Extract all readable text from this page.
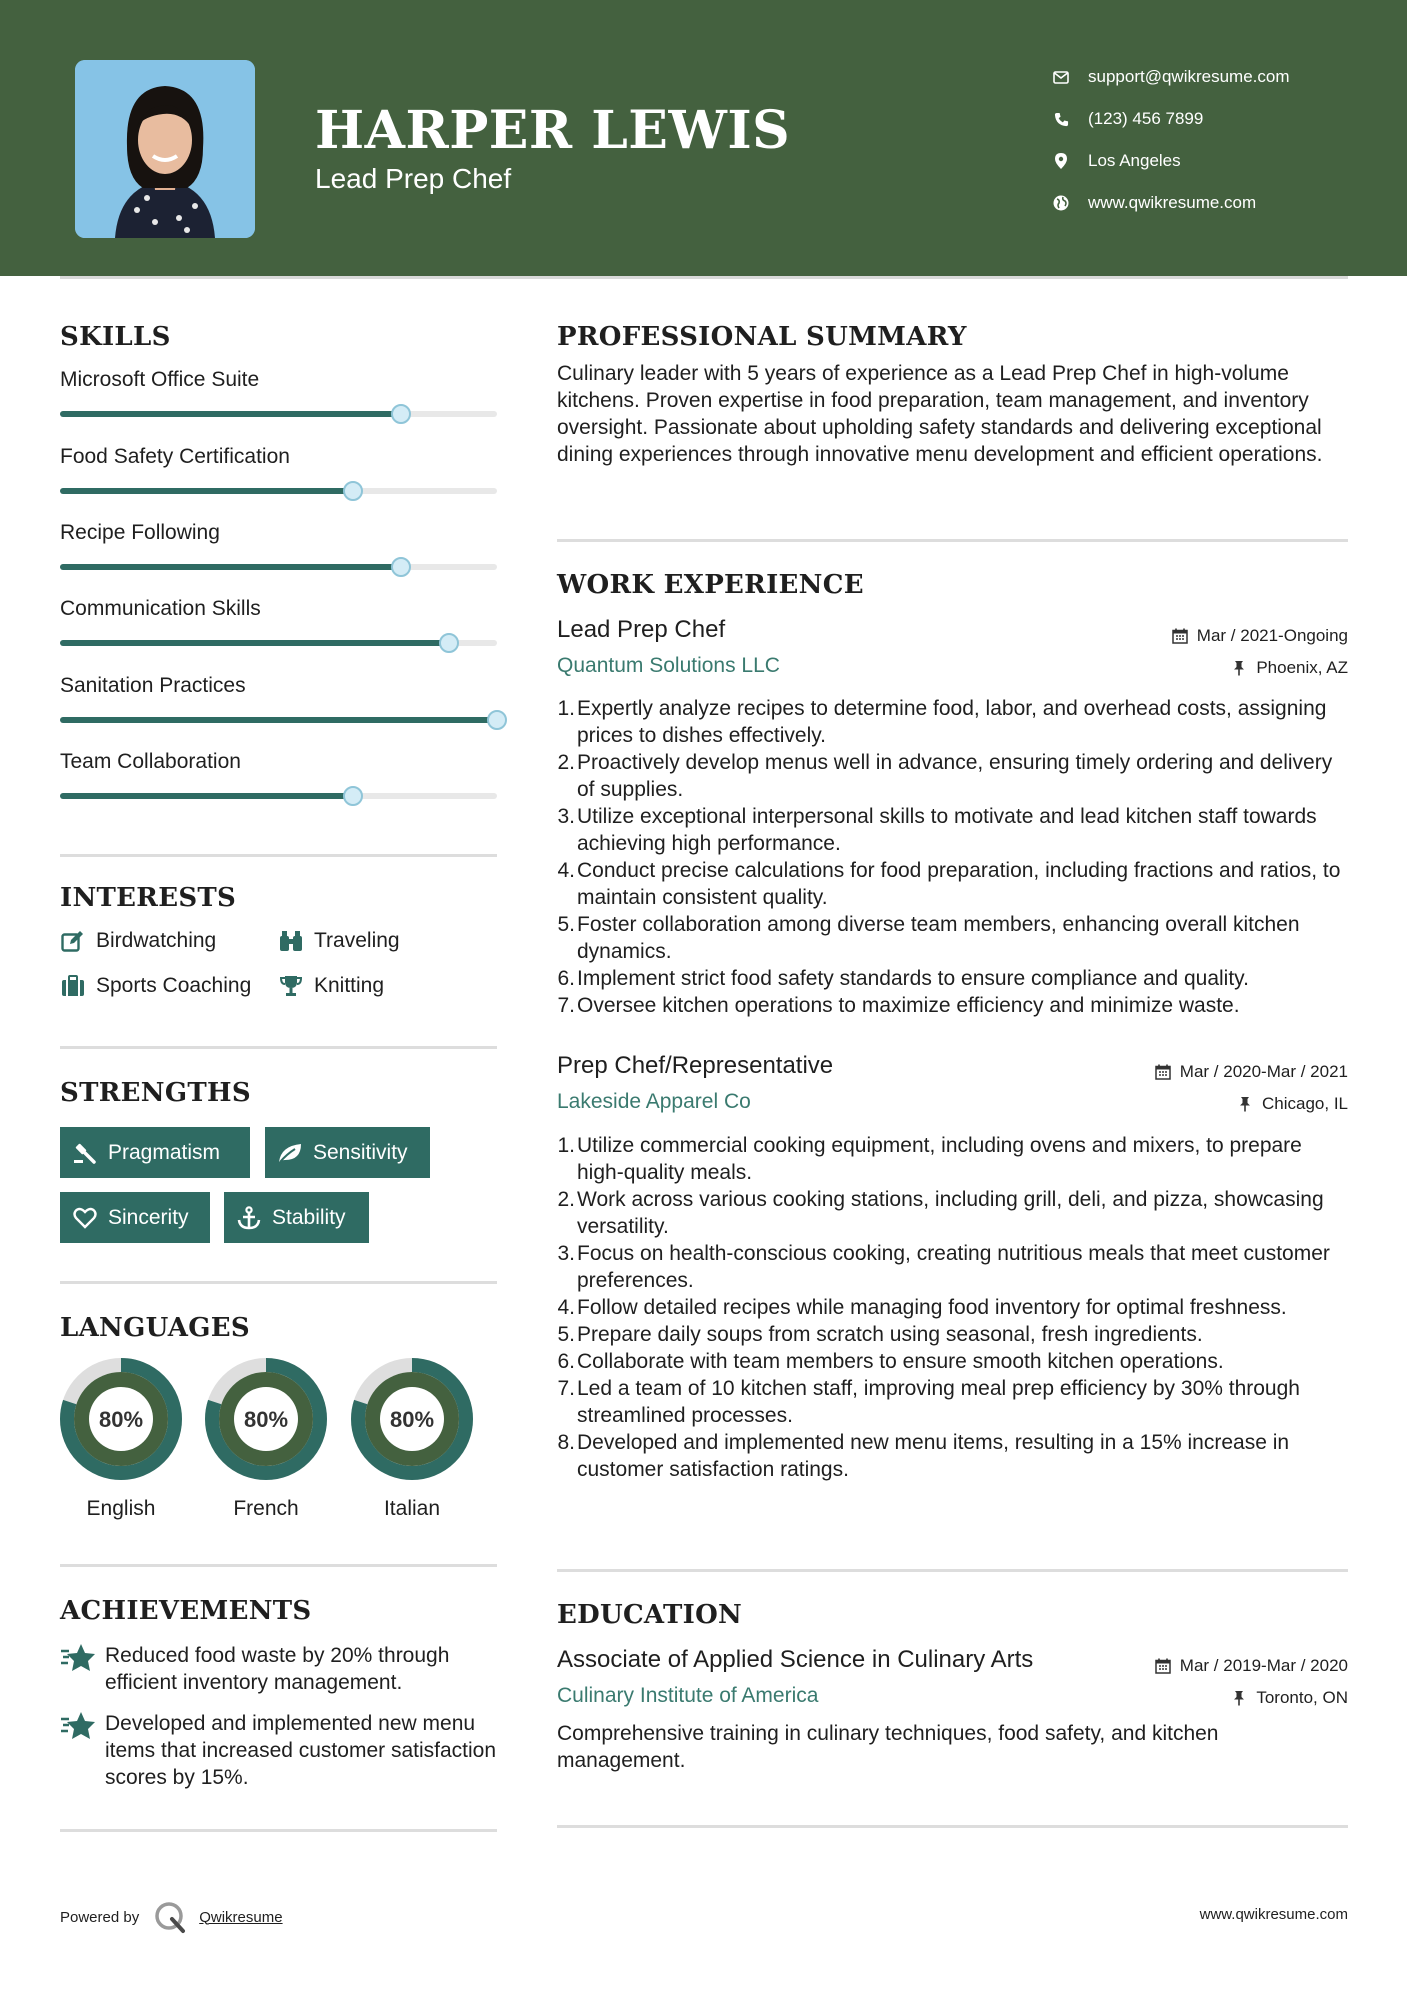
HARPER LEWIS
Lead Prep Chef
support@qwikresume.com
(123) 456 7899
Los Angeles
www.qwikresume.com
SKILLS
Microsoft Office Suite
Food Safety Certification
Recipe Following
Communication Skills
Sanitation Practices
Team Collaboration
INTERESTS
Birdwatching	Traveling
Sports Coaching	Knitting
STRENGTHS
Pragmatism	Sensitivity
Sincerity	Stability
LANGUAGES
80%
English
80%
French
80%
Italian
ACHIEVEMENTS
Reduced food waste by 20% through efficient inventory management.
Developed and implemented new menu items that increased customer satisfaction scores by 15%.
PROFESSIONAL SUMMARY
Culinary leader with 5 years of experience as a Lead Prep Chef in high-volume kitchens. Proven expertise in food preparation, team management, and inventory oversight. Passionate about upholding safety standards and delivering exceptional dining experiences through innovative menu development and efficient operations.
WORK EXPERIENCE
Lead Prep Chef	Mar / 2021-Ongoing
Quantum Solutions LLC	Phoenix, AZ
1. Expertly analyze recipes to determine food, labor, and overhead costs, assigning prices to dishes effectively.
2. Proactively develop menus well in advance, ensuring timely ordering and delivery of supplies.
3. Utilize exceptional interpersonal skills to motivate and lead kitchen staff towards achieving high performance.
4. Conduct precise calculations for food preparation, including fractions and ratios, to maintain consistent quality.
5. Foster collaboration among diverse team members, enhancing overall kitchen dynamics.
6. Implement strict food safety standards to ensure compliance and quality.
7. Oversee kitchen operations to maximize efficiency and minimize waste.
Prep Chef/Representative	Mar / 2020-Mar / 2021
Lakeside Apparel Co	Chicago, IL
1. Utilize commercial cooking equipment, including ovens and mixers, to prepare high-quality meals.
2. Work across various cooking stations, including grill, deli, and pizza, showcasing versatility.
3. Focus on health-conscious cooking, creating nutritious meals that meet customer preferences.
4. Follow detailed recipes while managing food inventory for optimal freshness.
5. Prepare daily soups from scratch using seasonal, fresh ingredients.
6. Collaborate with team members to ensure smooth kitchen operations.
7. Led a team of 10 kitchen staff, improving meal prep efficiency by 30% through streamlined processes.
8. Developed and implemented new menu items, resulting in a 15% increase in customer satisfaction ratings.
EDUCATION
Associate of Applied Science in Culinary Arts	Mar / 2019-Mar / 2020
Culinary Institute of America	Toronto, ON
Comprehensive training in culinary techniques, food safety, and kitchen management.
Powered by	Qwikresume	www.qwikresume.com
